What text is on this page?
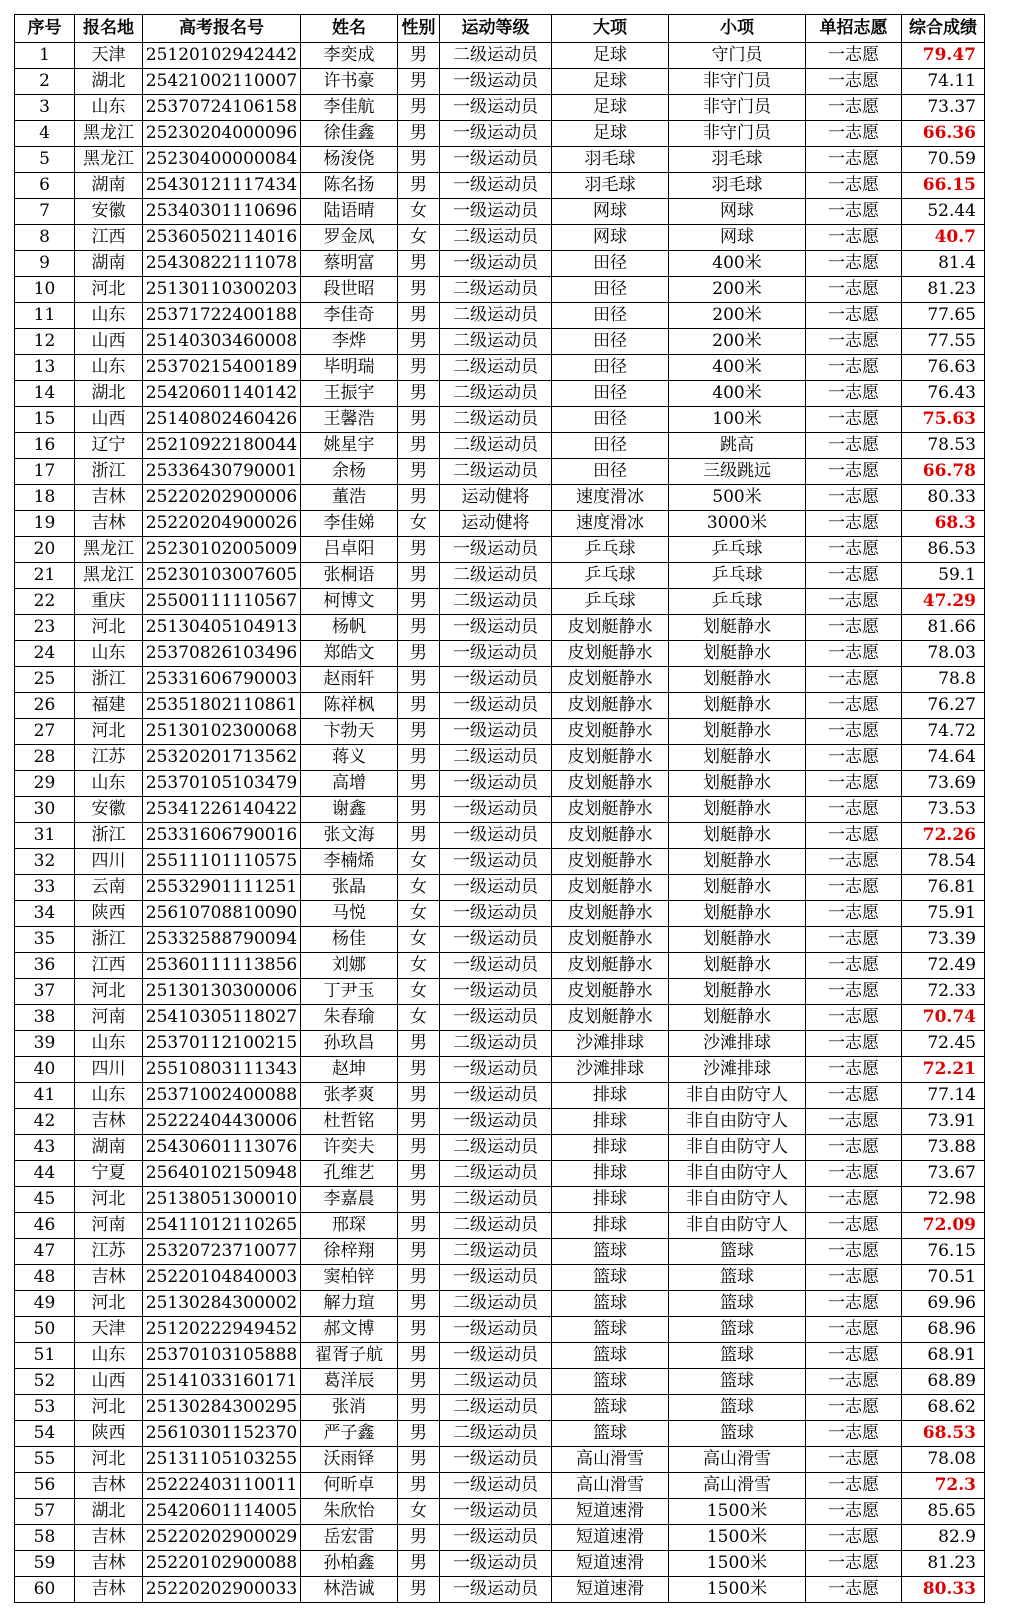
序号	报名地	高考报名号	姓名	性别	运动等级	大项	小项	单招志愿	综合成绩
1	天津	25120102942442	李奕成	男	二级运动员	足球	守门员	一志愿	79.47
2	湖北	25421002110007	许书豪	男	一级运动员	足球	非守门员	一志愿	74.11
3	山东	25370724106158	李佳航	男	一级运动员	足球	非守门员	一志愿	73.37
4	黑龙江	25230204000096	徐佳鑫	男	一级运动员	足球	非守门员	一志愿	66.36
5	黑龙江	25230400000084	杨浚侥	男	一级运动员	羽毛球	羽毛球	一志愿	70.59
6	湖南	25430121117434	陈名扬	男	一级运动员	羽毛球	羽毛球	一志愿	66.15
7	安徽	25340301110696	陆语晴	女	一级运动员	网球	网球	一志愿	52.44
8	江西	25360502114016	罗金凤	女	二级运动员	网球	网球	一志愿	40.7
9	湖南	25430822111078	蔡明富	男	一级运动员	田径	400米	一志愿	81.4
10	河北	25130110300203	段世昭	男	二级运动员	田径	200米	一志愿	81.23
11	山东	25371722400188	李佳奇	男	二级运动员	田径	200米	一志愿	77.65
12	山西	25140303460008	李烨	男	二级运动员	田径	200米	一志愿	77.55
13	山东	25370215400189	毕明瑞	男	二级运动员	田径	400米	一志愿	76.63
14	湖北	25420601140142	王振宇	男	二级运动员	田径	400米	一志愿	76.43
15	山西	25140802460426	王馨浩	男	二级运动员	田径	100米	一志愿	75.63
16	辽宁	25210922180044	姚星宇	男	二级运动员	田径	跳高	一志愿	78.53
17	浙江	25336430790001	余杨	男	二级运动员	田径	三级跳远	一志愿	66.78
18	吉林	25220202900006	董浩	男	运动健将	速度滑冰	500米	一志愿	80.33
19	吉林	25220204900026	李佳娣	女	运动健将	速度滑冰	3000米	一志愿	68.3
20	黑龙江	25230102005009	吕卓阳	男	一级运动员	乒乓球	乒乓球	一志愿	86.53
21	黑龙江	25230103007605	张桐语	男	二级运动员	乒乓球	乒乓球	一志愿	59.1
22	重庆	25500111110567	柯博文	男	二级运动员	乒乓球	乒乓球	一志愿	47.29
23	河北	25130405104913	杨帆	男	一级运动员	皮划艇静水	划艇静水	一志愿	81.66
24	山东	25370826103496	郑皓文	男	一级运动员	皮划艇静水	划艇静水	一志愿	78.03
25	浙江	25331606790003	赵雨轩	男	一级运动员	皮划艇静水	划艇静水	一志愿	78.8
26	福建	25351802110861	陈祥枫	男	一级运动员	皮划艇静水	划艇静水	一志愿	76.27
27	河北	25130102300068	卞勃天	男	一级运动员	皮划艇静水	划艇静水	一志愿	74.72
28	江苏	25320201713562	蒋义	男	二级运动员	皮划艇静水	划艇静水	一志愿	74.64
29	山东	25370105103479	高增	男	一级运动员	皮划艇静水	划艇静水	一志愿	73.69
30	安徽	25341226140422	谢鑫	男	一级运动员	皮划艇静水	划艇静水	一志愿	73.53
31	浙江	25331606790016	张文海	男	一级运动员	皮划艇静水	划艇静水	一志愿	72.26
32	四川	25511101110575	李楠烯	女	一级运动员	皮划艇静水	划艇静水	一志愿	78.54
33	云南	25532901111251	张晶	女	一级运动员	皮划艇静水	划艇静水	一志愿	76.81
34	陕西	25610708810090	马悦	女	一级运动员	皮划艇静水	划艇静水	一志愿	75.91
35	浙江	25332588790094	杨佳	女	一级运动员	皮划艇静水	划艇静水	一志愿	73.39
36	江西	25360111113856	刘娜	女	一级运动员	皮划艇静水	划艇静水	一志愿	72.49
37	河北	25130130300006	丁尹玉	女	一级运动员	皮划艇静水	划艇静水	一志愿	72.33
38	河南	25410305118027	朱春瑜	女	一级运动员	皮划艇静水	划艇静水	一志愿	70.74
39	山东	25370112100215	孙玖昌	男	二级运动员	沙滩排球	沙滩排球	一志愿	72.45
40	四川	25510803111343	赵坤	男	一级运动员	沙滩排球	沙滩排球	一志愿	72.21
41	山东	25371002400088	张孝爽	男	一级运动员	排球	非自由防守人	一志愿	77.14
42	吉林	25222404430006	杜哲铭	男	一级运动员	排球	非自由防守人	一志愿	73.91
43	湖南	25430601113076	许奕夫	男	二级运动员	排球	非自由防守人	一志愿	73.88
44	宁夏	25640102150948	孔维艺	男	二级运动员	排球	非自由防守人	一志愿	73.67
45	河北	25138051300010	李嘉晨	男	二级运动员	排球	非自由防守人	一志愿	72.98
46	河南	25411012110265	邢琛	男	二级运动员	排球	非自由防守人	一志愿	72.09
47	江苏	25320723710077	徐梓翔	男	二级运动员	篮球	篮球	一志愿	76.15
48	吉林	25220104840003	窦柏锌	男	一级运动员	篮球	篮球	一志愿	70.51
49	河北	25130284300002	解力瑄	男	二级运动员	篮球	篮球	一志愿	69.96
50	天津	25120222949452	郝文博	男	一级运动员	篮球	篮球	一志愿	68.96
51	山东	25370103105888	翟胥子航	男	一级运动员	篮球	篮球	一志愿	68.91
52	山西	25141033160171	葛洋辰	男	二级运动员	篮球	篮球	一志愿	68.89
53	河北	25130284300295	张消	男	二级运动员	篮球	篮球	一志愿	68.62
54	陕西	25610301152370	严子鑫	男	二级运动员	篮球	篮球	一志愿	68.53
55	河北	25131105103255	沃雨铎	男	一级运动员	高山滑雪	高山滑雪	一志愿	78.08
56	吉林	25222403110011	何昕卓	男	一级运动员	高山滑雪	高山滑雪	一志愿	72.3
57	湖北	25420601114005	朱欣怡	女	一级运动员	短道速滑	1500米	一志愿	85.65
58	吉林	25220202900029	岳宏雷	男	一级运动员	短道速滑	1500米	一志愿	82.9
59	吉林	25220102900088	孙柏鑫	男	一级运动员	短道速滑	1500米	一志愿	81.23
60	吉林	25220202900033	林浩诚	男	一级运动员	短道速滑	1500米	一志愿	80.33
